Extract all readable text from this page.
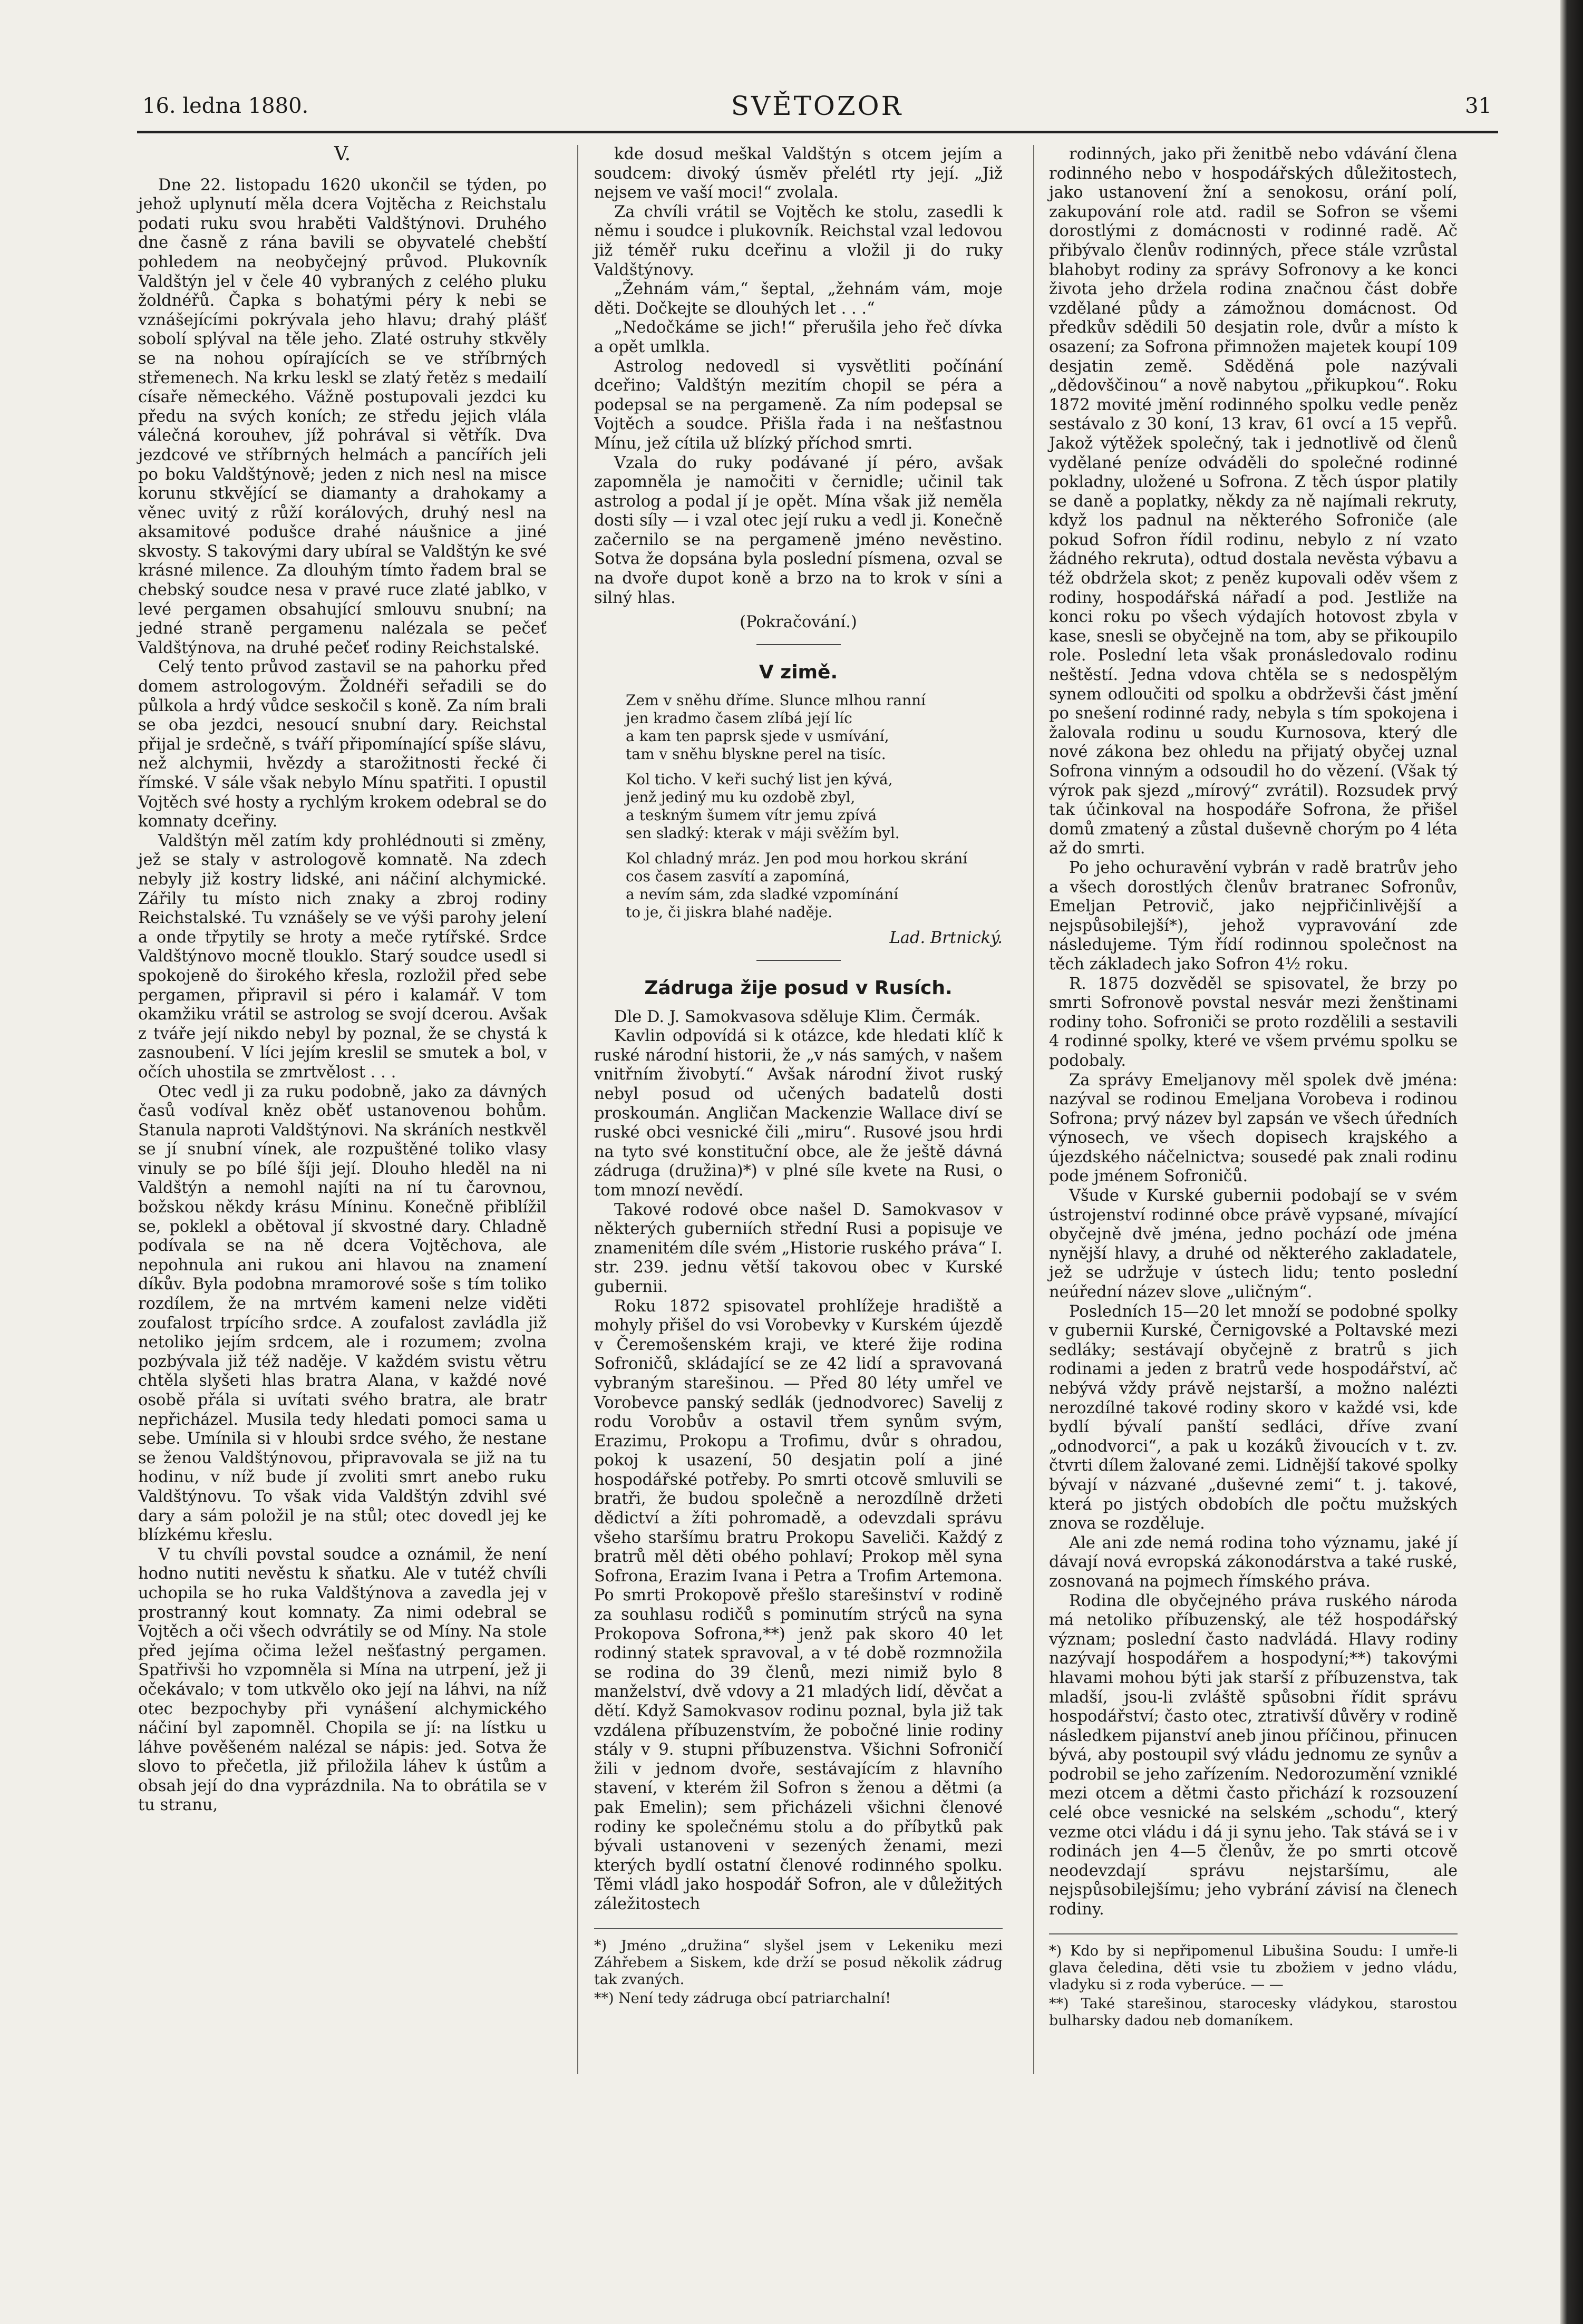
16. ledna 1880.	SVĚTOZOR	31
V.

Dne 22. listopadu 1620 ukončil se týden, po jehož uplynutí měla dcera Vojtěcha z Reichstalu podati ruku svou hraběti Valdštýnovi. Druhého dne časně z rána bavili se obyvatelé chebští pohledem na neobyčejný průvod. Plukovník Valdštýn jel v čele 40 vybraných z celého pluku žoldnéřů. Čapka s bohatými péry k nebi se vznášejícími pokrývala jeho hlavu; drahý plášť sobolí splýval na těle jeho. Zlaté ostruhy stkvěly se na nohou opírajících se ve stříbrných střemenech. Na krku leskl se zlatý řetěz s medailí císaře německého. Vážně postupovali jezdci ku předu na svých koních; ze středu jejich vlála válečná korouhev, jíž pohrával si větřík. Dva jezdcové ve stříbrných helmách a pancířích jeli po boku Valdštýnově; jeden z nich nesl na misce korunu stkvějící se diamanty a drahokamy a věnec uvitý z růží korálových, druhý nesl na aksamitové podušce drahé náušnice a jiné skvosty. S takovými dary ubíral se Valdštýn ke své krásné milence. Za dlouhým tímto řadem bral se chebský soudce nesa v pravé ruce zlaté jablko, v levé pergamen obsahující smlouvu snubní; na jedné straně pergamenu nalézala se pečeť Valdštýnova, na druhé pečeť rodiny Reichstalské.

Celý tento průvod zastavil se na pahorku před domem astrologovým. Žoldnéři seřadili se do půlkola a hrdý vůdce seskočil s koně. Za ním brali se oba jezdci, nesoucí snubní dary. Reichstal přijal je srdečně, s tváří připomínající spíše slávu, než alchymii, hvězdy a starožitnosti řecké či římské. V sále však nebylo Mínu spatřiti. I opustil Vojtěch své hosty a rychlým krokem odebral se do komnaty dceřiny.

Valdštýn měl zatím kdy prohlédnouti si změny, jež se staly v astrologově komnatě. Na zdech nebyly již kostry lidské, ani náčiní alchymické. Zářily tu místo nich znaky a zbroj rodiny Reichstalské. Tu vznášely se ve výši parohy jelení a onde třpytily se hroty a meče rytířské. Srdce Valdštýnovo mocně tlouklo. Starý soudce usedl si spokojeně do širokého křesla, rozložil před sebe pergamen, připravil si péro i kalamář. V tom okamžiku vrátil se astrolog se svojí dcerou. Avšak z tváře její nikdo nebyl by poznal, že se chystá k zasnoubení. V líci jejím kreslil se smutek a bol, v očích uhostila se zmrtvělost . . .

Otec vedl ji za ruku podobně, jako za dávných časů vodíval kněz oběť ustanovenou bohům. Stanula naproti Valdštýnovi. Na skráních nestkvěl se jí snubní vínek, ale rozpuštěné toliko vlasy vinuly se po bílé šíji její. Dlouho hleděl na ni Valdštýn a nemohl najíti na ní tu čarovnou, božskou někdy krásu Míninu. Konečně přiblížil se, poklekl a obětoval jí skvostné dary. Chladně podívala se na ně dcera Vojtěchova, ale nepohnula ani rukou ani hlavou na znamení díkův. Byla podobna mramorové soše s tím toliko rozdílem, že na mrtvém kameni nelze viděti zoufalost trpícího srdce. A zoufalost zavládla již netoliko jejím srdcem, ale i rozumem; zvolna pozbývala již též naděje. V každém svistu větru chtěla slyšeti hlas bratra Alana, v každé nové osobě přála si uvítati svého bratra, ale bratr nepřicházel. Musila tedy hledati pomoci sama u sebe. Umínila si v hloubi srdce svého, že nestane se ženou Valdštýnovou, připravovala se již na tu hodinu, v níž bude jí zvoliti smrt anebo ruku Valdštýnovu. To však vida Valdštýn zdvihl své dary a sám položil je na stůl; otec dovedl jej ke blízkému křeslu.

V tu chvíli povstal soudce a oznámil, že není hodno nutiti nevěstu k sňatku. Ale v tutéž chvíli uchopila se ho ruka Valdštýnova a zavedla jej v prostranný kout komnaty. Za nimi odebral se Vojtěch a oči všech odvrátily se od Míny. Na stole před jejíma očima ležel nešťastný pergamen. Spatřivši ho vzpomněla si Mína na utrpení, jež ji očekávalo; v tom utkvělo oko její na láhvi, na níž otec bezpochyby při vynášení alchymického náčiní byl zapomněl. Chopila se jí: na lístku u láhve pověšeném nalézal se nápis: jed. Sotva že slovo to přečetla, již přiložila láhev k ústům a obsah její do dna vyprázdnila. Na to obrátila se v tu stranu,

kde dosud meškal Valdštýn s otcem jejím a soudcem: divoký úsměv přelétl rty její. „Již nejsem ve vaší moci!“ zvolala.

Za chvíli vrátil se Vojtěch ke stolu, zasedli k němu i soudce i plukovník. Reichstal vzal ledovou již téměř ruku dceřinu a vložil ji do ruky Valdštýnovy.

„Žehnám vám,“ šeptal, „žehnám vám, moje děti. Dočkejte se dlouhých let . . .“

„Nedočkáme se jich!“ přerušila jeho řeč dívka a opět umlkla.

Astrolog nedovedl si vysvětliti počínání dceřino; Valdštýn mezitím chopil se péra a podepsal se na pergameně. Za ním podepsal se Vojtěch a soudce. Přišla řada i na nešťastnou Mínu, jež cítila už blízký příchod smrti.

Vzala do ruky podávané jí péro, avšak zapomněla je namočiti v černidle; učinil tak astrolog a podal jí je opět. Mína však již neměla dosti síly — i vzal otec její ruku a vedl ji. Konečně začernilo se na pergameně jméno nevěstino. Sotva že dopsána byla poslední písmena, ozval se na dvoře dupot koně a brzo na to krok v síni a silný hlas.

(Pokračování.)
V zimě.
Zem v sněhu dříme. Slunce mlhou ranní
jen kradmo časem zlíbá její líc
a kam ten paprsk sjede v usmívání,
tam v sněhu blyskne perel na tisíc.
Kol ticho. V keři suchý list jen kývá,
jenž jediný mu ku ozdobě zbyl,
a teskným šumem vítr jemu zpívá
sen sladký: kterak v máji svěžím byl.
Kol chladný mráz. Jen pod mou horkou skrání
cos časem zasvítí a zapomíná,
a nevím sám, zda sladké vzpomínání
to je, či jiskra blahé naděje.
Lad. Brtnický.
Zádruga žije posud v Rusích.

Dle D. J. Samokvasova sděluje Klim. Čermák.

Kavlin odpovídá si k otázce, kde hledati klíč k ruské národní historii, že „v nás samých, v našem vnitřním živobytí.“ Avšak národní život ruský nebyl posud od učených badatelů dosti proskoumán. Angličan Mackenzie Wallace diví se ruské obci vesnické čili „miru“. Rusové jsou hrdi na tyto své konstituční obce, ale že ještě dávná zádruga (družina)*) v plné síle kvete na Rusi, o tom mnozí nevědí.

Takové rodové obce našel D. Samokvasov v některých guberniích střední Rusi a popisuje ve znamenitém díle svém „Historie ruského práva“ I. str. 239. jednu větší takovou obec v Kurské gubernii.

Roku 1872 spisovatel prohlížeje hradiště a mohyly přišel do vsi Vorobevky v Kurském újezdě v Čeremošenském kraji, ve které žije rodina Sofroničů, skládající se ze 42 lidí a spravovaná vybraným starešinou. — Před 80 léty umřel ve Vorobevce panský sedlák (jednodvorec) Savelij z rodu Vorobův a ostavil třem synům svým, Erazimu, Prokopu a Trofimu, dvůr s ohradou, pokoj k usazení, 50 desjatin polí a jiné hospodářské potřeby. Po smrti otcově smluvili se bratři, že budou společně a nerozdílně držeti dědictví a žíti pohromadě, a odevzdali správu všeho staršímu bratru Prokopu Saveliči. Každý z bratrů měl děti obého pohlaví; Prokop měl syna Sofrona, Erazim Ivana i Petra a Trofim Artemona. Po smrti Prokopově přešlo starešinství v rodině za souhlasu rodičů s pominutím strýců na syna Prokopova Sofrona,**) jenž pak skoro 40 let rodinný statek spravoval, a v té době rozmnožila se rodina do 39 členů, mezi nimiž bylo 8 manželství, dvě vdovy a 21 mladých lidí, děvčat a dětí. Když Samokvasov rodinu poznal, byla již tak vzdálena příbuzenstvím, že pobočné linie rodiny stály v 9. stupni příbuzenstva. Všichni Sofroničí žili v jednom dvoře, sestávajícím z hlavního stavení, v kterém žil Sofron s ženou a dětmi (a pak Emelin); sem přicházeli všichni členové rodiny ke společnému stolu a do příbytků pak bývali ustanoveni v sezených ženami, mezi kterých bydlí ostatní členové rodinného spolku. Těmi vládl jako hospodář Sofron, ale v důležitých záležitostech

*) Jméno „družina“ slyšel jsem v Lekeniku mezi Záhřebem a Siskem, kde drží se posud několik zádrug tak zvaných.

**) Není tedy zádruga obcí patriarchalní!

rodinných, jako při ženitbě nebo vdávání člena rodinného nebo v hospodářských důležitostech, jako ustanovení žní a senokosu, orání polí, zakupování role atd. radil se Sofron se všemi dorostlými z domácnosti v rodinné radě. Ač přibývalo členův rodinných, přece stále vzrůstal blahobyt rodiny za správy Sofronovy a ke konci života jeho držela rodina značnou část dobře vzdělané půdy a zámožnou domácnost. Od předkův sdědili 50 desjatin role, dvůr a místo k osazení; za Sofrona přimnožen majetek koupí 109 desjatin země. Sděděná pole nazývali „dědovščinou“ a nově nabytou „přikupkou“. Roku 1872 movité jmění rodinného spolku vedle peněz sestávalo z 30 koní, 13 krav, 61 ovcí a 15 vepřů. Jakož výtěžek společný, tak i jednotlivě od členů vydělané peníze odváděli do společné rodinné pokladny, uložené u Sofrona. Z těch úspor platily se daně a poplatky, někdy za ně najímali rekruty, když los padnul na některého Sofroniče (ale pokud Sofron řídil rodinu, nebylo z ní vzato žádného rekruta), odtud dostala nevěsta výbavu a též obdržela skot; z peněz kupovali oděv všem z rodiny, hospodářská nářadí a pod. Jestliže na konci roku po všech výdajích hotovost zbyla v kase, snesli se obyčejně na tom, aby se přikoupilo role. Poslední leta však pronásledovalo rodinu neštěstí. Jedna vdova chtěla se s nedospělým synem odloučiti od spolku a obdrževši část jmění po snešení rodinné rady, nebyla s tím spokojena i žalovala rodinu u soudu Kurnosova, který dle nové zákona bez ohledu na přijatý obyčej uznal Sofrona vinným a odsoudil ho do vězení. (Však tý výrok pak sjezd „mírový“ zvrátil). Rozsudek prvý tak účinkoval na hospodáře Sofrona, že přišel domů zmatený a zůstal duševně chorým po 4 léta až do smrti.

Po jeho ochuravění vybrán v radě bratrův jeho a všech dorostlých členův bratranec Sofronův, Emeljan Petrovič, jako nejpřičinlivější a nejspůsobilejší*), jehož vypravování zde následujeme. Tým řídí rodinnou společnost na těch základech jako Sofron 4½ roku.

R. 1875 dozvěděl se spisovatel, že brzy po smrti Sofronově povstal nesvár mezi ženštinami rodiny toho. Sofroniči se proto rozdělili a sestavili 4 rodinné spolky, které ve všem prvému spolku se podobaly.

Za správy Emeljanovy měl spolek dvě jména: nazýval se rodinou Emeljana Vorobeva i rodinou Sofrona; prvý název byl zapsán ve všech úředních výnosech, ve všech dopisech krajského a újezdského náčelnictva; sousedé pak znali rodinu pode jménem Sofroničů.

Všude v Kurské gubernii podobají se v svém ústrojenství rodinné obce právě vypsané, mívající obyčejně dvě jména, jedno pochází ode jména nynější hlavy, a druhé od některého zakladatele, jež se udržuje v ústech lidu; tento poslední neúřední název slove „uličným“.

Posledních 15—20 let množí se podobné spolky v gubernii Kurské, Černigovské a Poltavské mezi sedláky; sestávají obyčejně z bratrů s jich rodinami a jeden z bratrů vede hospodářství, ač nebývá vždy právě nejstarší, a možno nalézti nerozdílné takové rodiny skoro v každé vsi, kde bydlí bývalí panští sedláci, dříve zvaní „odnodvorci“, a pak u kozáků živoucích v t. zv. čtvrti dílem žalované zemi. Lidnější takové spolky bývají v názvané „duševné zemi“ t. j. takové, která po jistých obdobích dle počtu mužských znova se rozděluje.

Ale ani zde nemá rodina toho významu, jaké jí dávají nová evropská zákonodárstva a také ruské, zosnovaná na pojmech římského práva.

Rodina dle obyčejného práva ruského národa má netoliko příbuzenský, ale též hospodářský význam; poslední často nadvládá. Hlavy rodiny nazývají hospodářem a hospodyní;**) takovými hlavami mohou býti jak starší z příbuzenstva, tak mladší, jsou-li zvláště spůsobni řídit správu hospodářství; často otec, ztrativší důvěry v rodině následkem pijanství aneb jinou příčinou, přinucen bývá, aby postoupil svý vládu jednomu ze synův a podrobil se jeho zařízením. Nedorozumění vzniklé mezi otcem a dětmi často přichází k rozsouzení celé obce vesnické na selském „schodu“, který vezme otci vládu i dá ji synu jeho. Tak stává se i v rodinách jen 4—5 členův, že po smrti otcově neodevzdají správu nejstaršímu, ale nejspůsobilejšímu; jeho vybrání závisí na členech rodiny.

*) Kdo by si nepřipomenul Libušina Soudu: I umře-li glava čeledina, děti vsie tu zbožiem v jedno vládu, vladyku si z roda vyberúce. — —

**) Také starešinou, starocesky vládykou, starostou bulharsky dadou neb domaníkem.
